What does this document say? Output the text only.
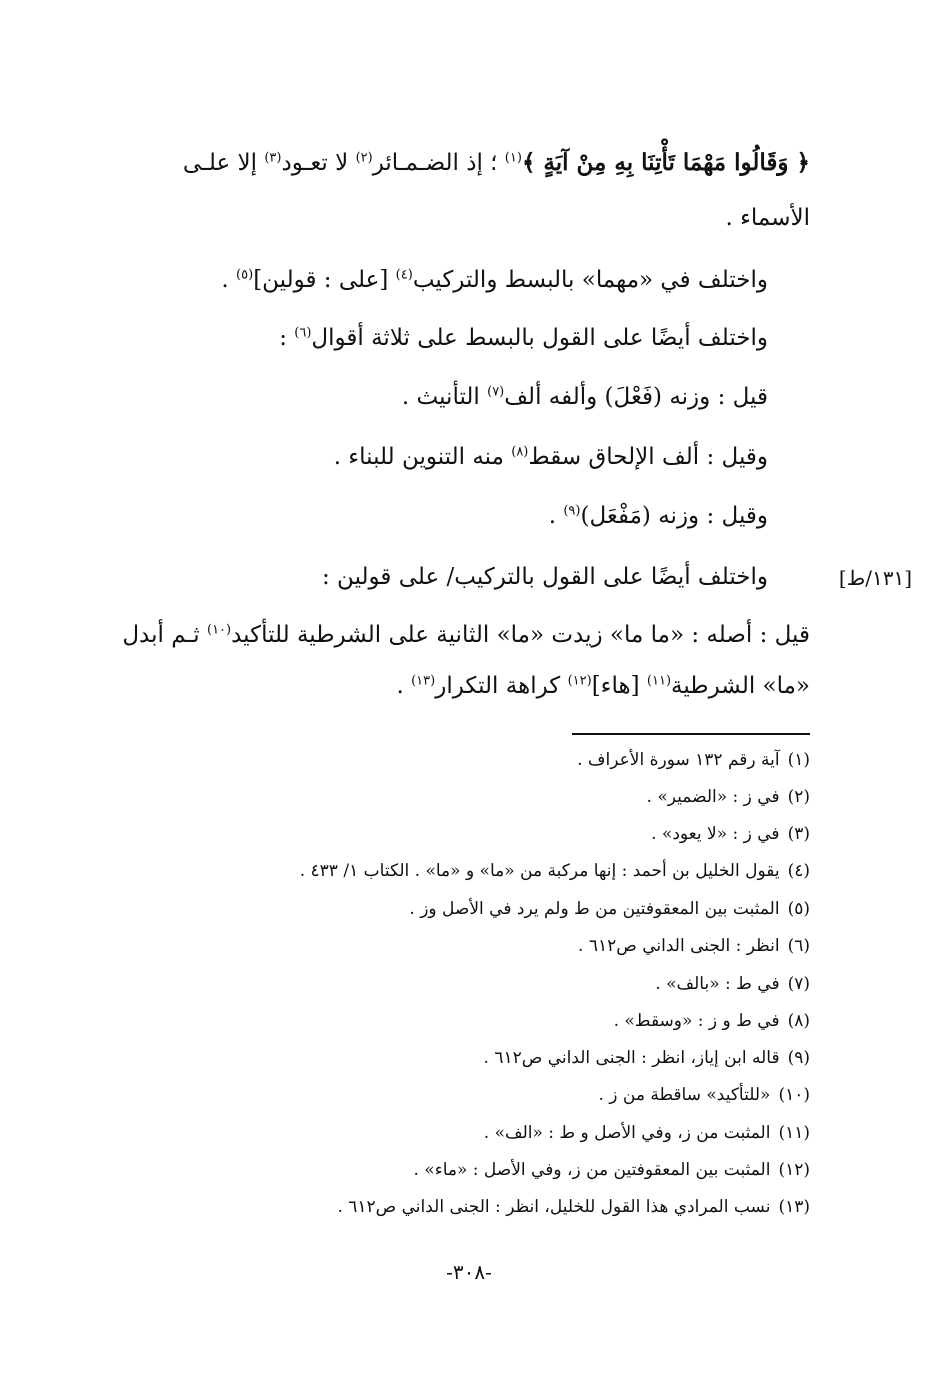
﴿ وَقَالُوا مَهْمَا تَأْتِنَا بِهِ مِنْ آيَةٍ ﴾$^{(١)}$ ؛ إذ الضـمـائر$^{(٢)}$ لا تعـود$^{(٣)}$ إلا علـى
الأسماء .
واختلف في «مهما» بالبسط والتركيب$^{(٤)}$ [على : قولين]$^{(٥)}$ .
واختلف أيضًا على القول بالبسط على ثلاثة أقوال$^{(٦)}$ :
قيل : وزنه (فَعْلَ) وألفه ألف$^{(٧)}$ التأنيث .
وقيل : ألف الإلحاق سقط$^{(٨)}$ منه التنوين للبناء .
وقيل : وزنه (مَفْعَل)$^{(٩)}$ .
واختلف أيضًا على القول بالتركيب/ على قولين :	[١٣١/ط]
قيل : أصله : «ما ما» زيدت «ما» الثانية على الشرطية للتأكيد$^{(١٠)}$ ثـم أبدل
«ما» الشرطية$^{(١١)}$ [هاء]$^{(١٢)}$ كراهة التكرار$^{(١٣)}$ .
(١)آية رقم ١٣٢ سورة الأعراف .
(٢)في ز : «الضمير» .
(٣)في ز : «لا يعود» .
(٤)يقول الخليل بن أحمد : إنها مركبة من «ما» و «ما» . الكتاب ١/ ٤٣٣ .
(٥)المثبت بين المعقوفتين من ط ولم يرد في الأصل وز .
(٦)انظر : الجنى الداني ص٦١٢ .
(٧)في ط : «بالف» .
(٨)في ط و ز : «وسقط» .
(٩)قاله ابن إياز، انظر : الجنى الداني ص٦١٢ .
(١٠)«للتأكيد» ساقطة من ز .
(١١)المثبت من ز، وفي الأصل و ط : «الف» .
(١٢)المثبت بين المعقوفتين من ز، وفي الأصل : «ماء» .
(١٣)نسب المرادي هذا القول للخليل، انظر : الجنى الداني ص٦١٢ .
-٣٠٨-
